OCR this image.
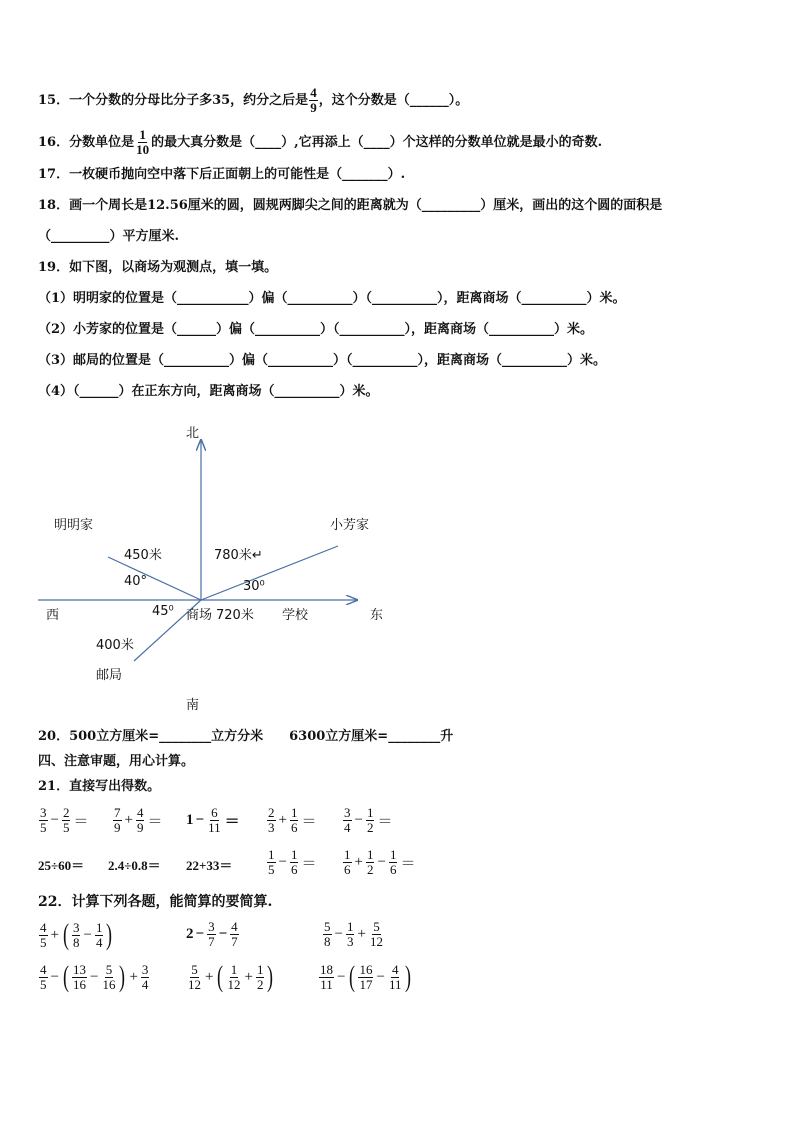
15．一个分数的分母比分子多35，约分之后是 $\frac{4}{9}$ ，这个分数是（______）。
16．分数单位是 $\frac{1}{10}$ 的最大真分数是（____）,它再添上（____）个这样的分数单位就是最小的奇数.
17．一枚硬币抛向空中落下后正面朝上的可能性是（_______）.
18．画一个周长是12.56厘米的圆，圆规两脚尖之间的距离就为（_________）厘米，画出的这个圆的面积是
（_________）平方厘米.
19．如下图，以商场为观测点，填一填。
（1）明明家的位置是（___________）偏（__________）（__________），距离商场（__________）米。
（2）小芳家的位置是（______）偏（__________）（__________），距离商场（__________）米。
（3）邮局的位置是（__________）偏（__________）（__________），距离商场（__________）米。
（4）（______）在正东方向，距离商场（__________）米。
北
明明家	小芳家
450米	780米↵
40°	30⁰
西	45⁰ 商场 720米 学校	东
400米
邮局
南
20．500立方厘米=________立方分米　　6300立方厘米=________升
四、注意审题，用心计算。
21．直接写出得数。
$\frac{3}{5} - \frac{2}{5} = \frac{7}{9} + \frac{4}{9} = 1 - \frac{6}{11} = \frac{2}{3} + \frac{1}{6} = \frac{3}{4} - \frac{1}{2}$ ＝
25÷60＝ 2.4÷0.8＝ 22+33＝	$\frac{1}{5} - \frac{1}{6} = \frac{1}{6} + \frac{1}{2} - \frac{1}{6}$ ＝
22．计算下列各题，能简算的要简算.
$\frac{4}{5}$ + ( $\frac{3}{8} - \frac{1}{4}$ )	$2 - \frac{3}{7} - \frac{4}{7}$	$\frac{5}{8} - \frac{1}{3} + \frac{5}{12}$
$\frac{4}{5}$ − ( $\frac{13}{16} - \frac{5}{16}$ ) + $\frac{3}{4}$	$\frac{5}{12}$ + ( $\frac{1}{12} + \frac{1}{2}$ )	$\frac{18}{11}$ − ( $\frac{16}{17} - \frac{4}{11}$ )
